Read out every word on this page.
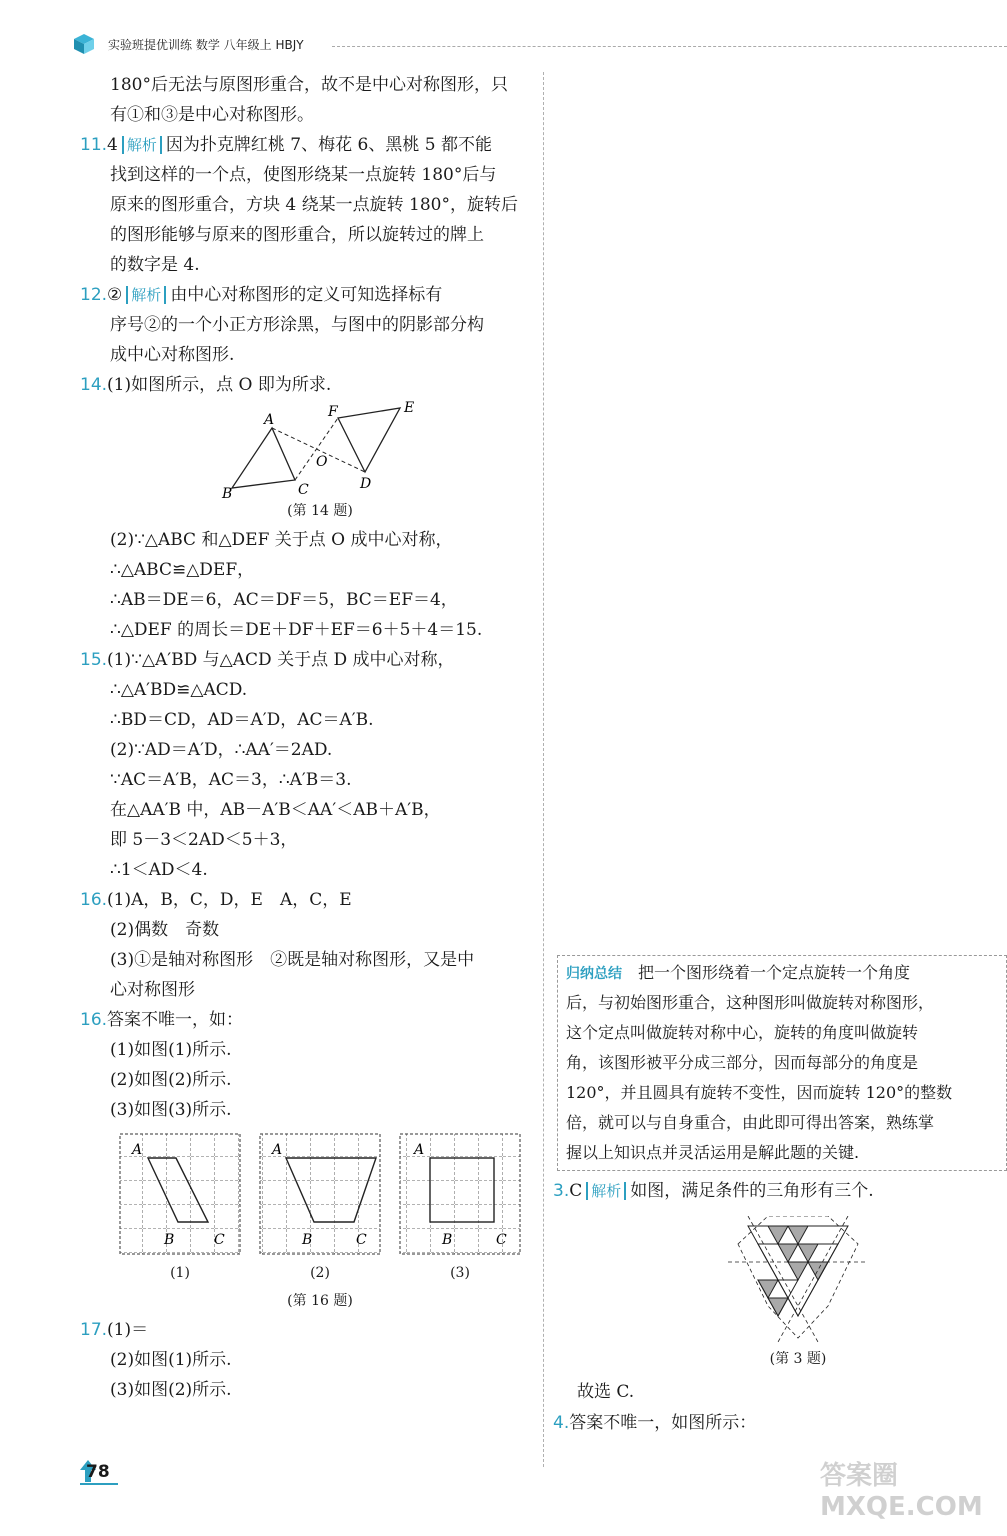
实验班提优训练 数学 八年级上 HBJY
180°后无法与原图形重合，故不是中心对称图形，只
有①和③是中心对称图形。
11.4 解析 因为扑克牌红桃 7、梅花 6、黑桃 5 都不能
找到这样的一个点，使图形绕某一点旋转 180°后与
原来的图形重合，方块 4 绕某一点旋转 180°，旋转后
的图形能够与原来的图形重合，所以旋转过的牌上
的数字是 4.
12.② 解析 由中心对称图形的定义可知选择标有
序号②的一个小正方形涂黑，与图中的阴影部分构
成中心对称图形.
14.(1)如图所示，点 O 即为所求.
A
B	C	D
E
F
O
(第 14 题)
(2)∵△ABC 和△DEF 关于点 O 成中心对称，
∴△ABC≌△DEF，
∴AB＝DE＝6，AC＝DF＝5，BC＝EF＝4，
∴△DEF 的周长＝DE＋DF＋EF＝6＋5＋4＝15.
15.(1)∵△A′BD 与△ACD 关于点 D 成中心对称，
∴△A′BD≌△ACD.
∴BD＝CD，AD＝A′D，AC＝A′B.
(2)∵AD＝A′D，∴AA′＝2AD.
∵AC＝A′B，AC＝3，∴A′B＝3.
在△AA′B 中，AB－A′B＜AA′＜AB＋A′B，
即 5－3＜2AD＜5＋3，
∴1＜AD＜4.
16.(1)A，B，C，D，E　A，C，E
(2)偶数　奇数
(3)①是轴对称图形　②既是轴对称图形，又是中
心对称图形
16.答案不唯一，如：
(1)如图(1)所示.
(2)如图(2)所示.
(3)如图(3)所示.
A
B	C
A
B	C
A
B	C
(1)	(2)	(3)
(第 16 题)
17.(1)＝
(2)如图(1)所示.
(3)如图(2)所示.
归纳总结　 把一个图形绕着一个定点旋转一个角度
后，与初始图形重合，这种图形叫做旋转对称图形，
这个定点叫做旋转对称中心，旋转的角度叫做旋转
角，该图形被平分成三部分，因而每部分的角度是
120°，并且圆具有旋转不变性，因而旋转 120°的整数
倍，就可以与自身重合，由此即可得出答案，熟练掌
握以上知识点并灵活运用是解此题的关键.
3.C 解析 如图，满足条件的三角形有三个.
(第 3 题)
故选 C.
4.答案不唯一，如图所示：
78	答案圈 MXQE.COM
